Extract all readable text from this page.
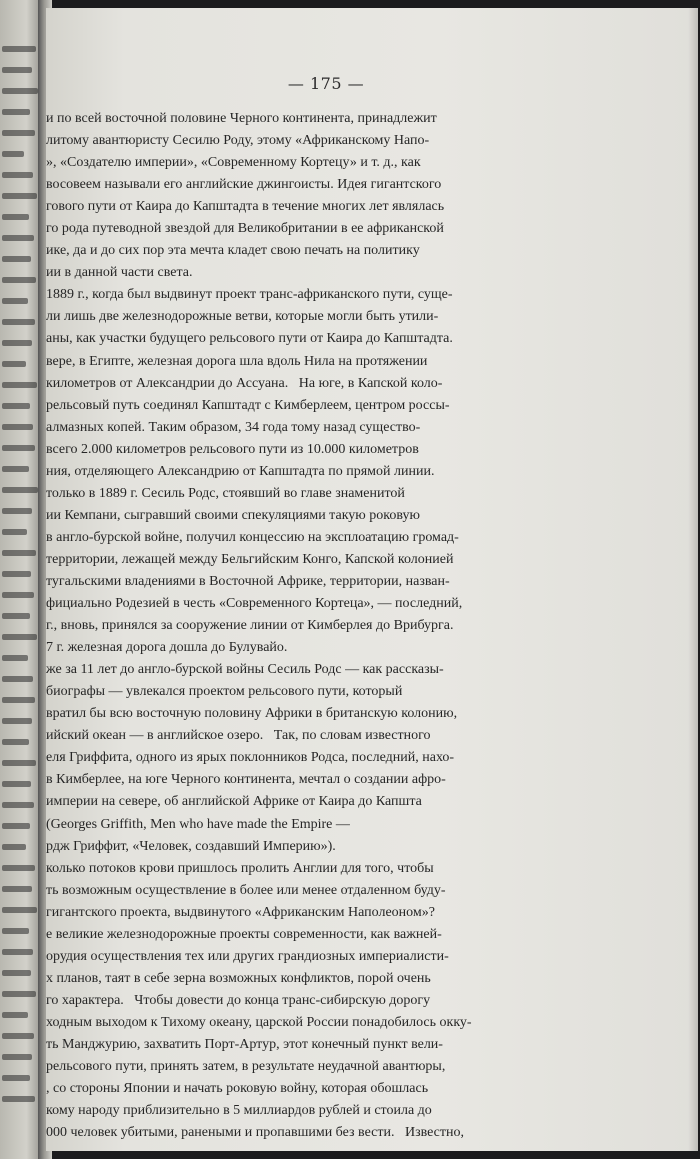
— 175 —
и по всей восточной половине Черного континента, принадлежит
литому авантюристу Сесилю Роду, этому «Африканскому Напо-
», «Создателю империи», «Современному Кортецу» и т. д., как
восовеем называли его английские джингоисты. Идея гигантского
гового пути от Каира до Капштадта в течение многих лет являлась
го рода путеводной звездой для Великобритании в ее африканской
ике, да и до сих пор эта мечта кладет свою печать на политику
ии в данной части света.
1889 г., когда был выдвинут проект транс-африканского пути, суще-
ли лишь две железнодорожные ветви, которые могли быть утили-
аны, как участки будущего рельсового пути от Каира до Капштадта.
вере, в Египте, железная дорога шла вдоль Нила на протяжении
километров от Александрии до Ассуана.   На юге, в Капской коло-
рельсовый путь соединял Капштадт с Кимберлеем, центром россы-
алмазных копей. Таким образом, 34 года тому назад существо-
всего 2.000 километров рельсового пути из 10.000 километров
ния, отделяющего Александрию от Капштадта по прямой линии.
только в 1889 г. Сесиль Родс, стоявший во главе знаменитой
ии Кемпани, сыгравший своими спекуляциями такую роковую
в англо-бурской войне, получил концессию на эксплоатацию громад-
территории, лежащей между Бельгийским Конго, Капской колонией
тугальскими владениями в Восточной Африке, территории, назван-
фициально Родезией в честь «Современного Кортеца», — последний,
г., вновь, принялся за сооружение линии от Кимберлея до Врибурга.
7 г. железная дорога дошла до Булувайо.
же за 11 лет до англо-бурской войны Сесиль Родс — как рассказы-
биографы — увлекался проектом рельсового пути, который
вратил бы всю восточную половину Африки в британскую колонию,
ийский океан — в английское озеро.   Так, по словам известного
еля Гриффита, одного из ярых поклонников Родса, последний, нахо-
в Кимберлее, на юге Черного континента, мечтал о создании афро-
империи на севере, об английской Африке от Каира до Капшта
(Georges Griffith, Men who have made the Empire —
рдж Гриффит, «Человек, создавший Империю»).
колько потоков крови пришлось пролить Англии для того, чтобы
ть возможным осуществление в более или менее отдаленном буду-
гигантского проекта, выдвинутого «Африканским Наполеоном»?
е великие железнодорожные проекты современности, как важней-
орудия осуществления тех или других грандиозных империалисти-
х планов, таят в себе зерна возможных конфликтов, порой очень
го характера.   Чтобы довести до конца транс-сибирскую дорогу
ходным выходом к Тихому океану, царской России понадобилось окку-
ть Манджурию, захватить Порт-Артур, этот конечный пункт вели-
рельсового пути, принять затем, в результате неудачной авантюры,
, со стороны Японии и начать роковую войну, которая обошлась
кому народу приблизительно в 5 миллиардов рублей и стоила до
000 человек убитыми, ранеными и пропавшими без вести.   Известно,
